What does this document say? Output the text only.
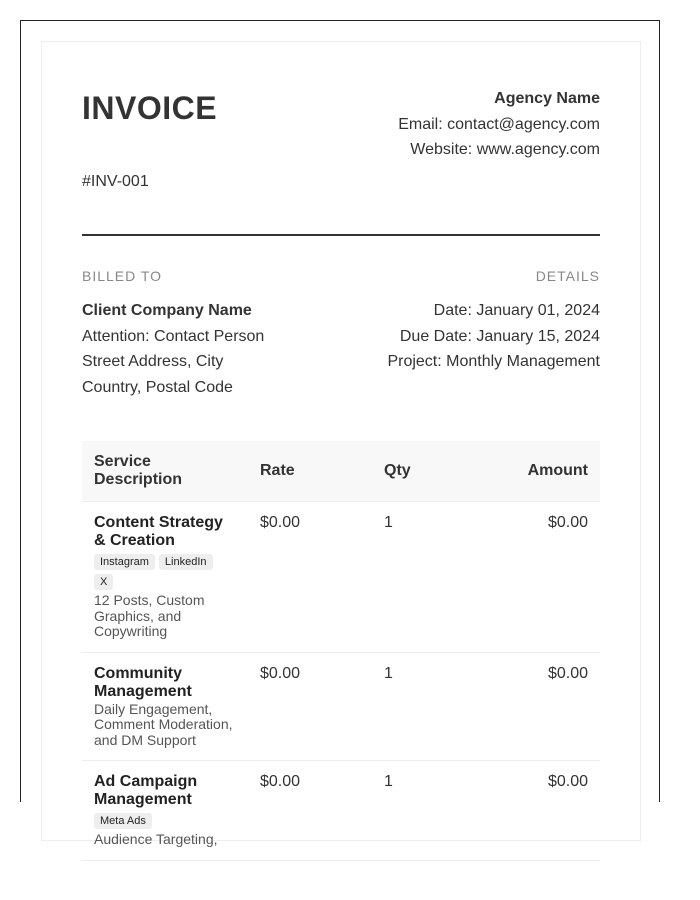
INVOICE
#INV-001
Agency Name
Email: contact@agency.com
Website: www.agency.com
BILLED TO	DETAILS
Client Company Name
Attention: Contact Person
Street Address, City
Country, Postal Code
Date: January 01, 2024
Due Date: January 15, 2024
Project: Monthly Management
Service Description	Rate	Qty	Amount

Content Strategy & Creation
Instagram LinkedIn
X
12 Posts, Custom Graphics, and Copywriting	$0.00	1	$0.00

Community Management
Daily Engagement, Comment Moderation, and DM Support	$0.00	1	$0.00

Ad Campaign Management
Meta Ads
Audience Targeting,	$0.00	1	$0.00
